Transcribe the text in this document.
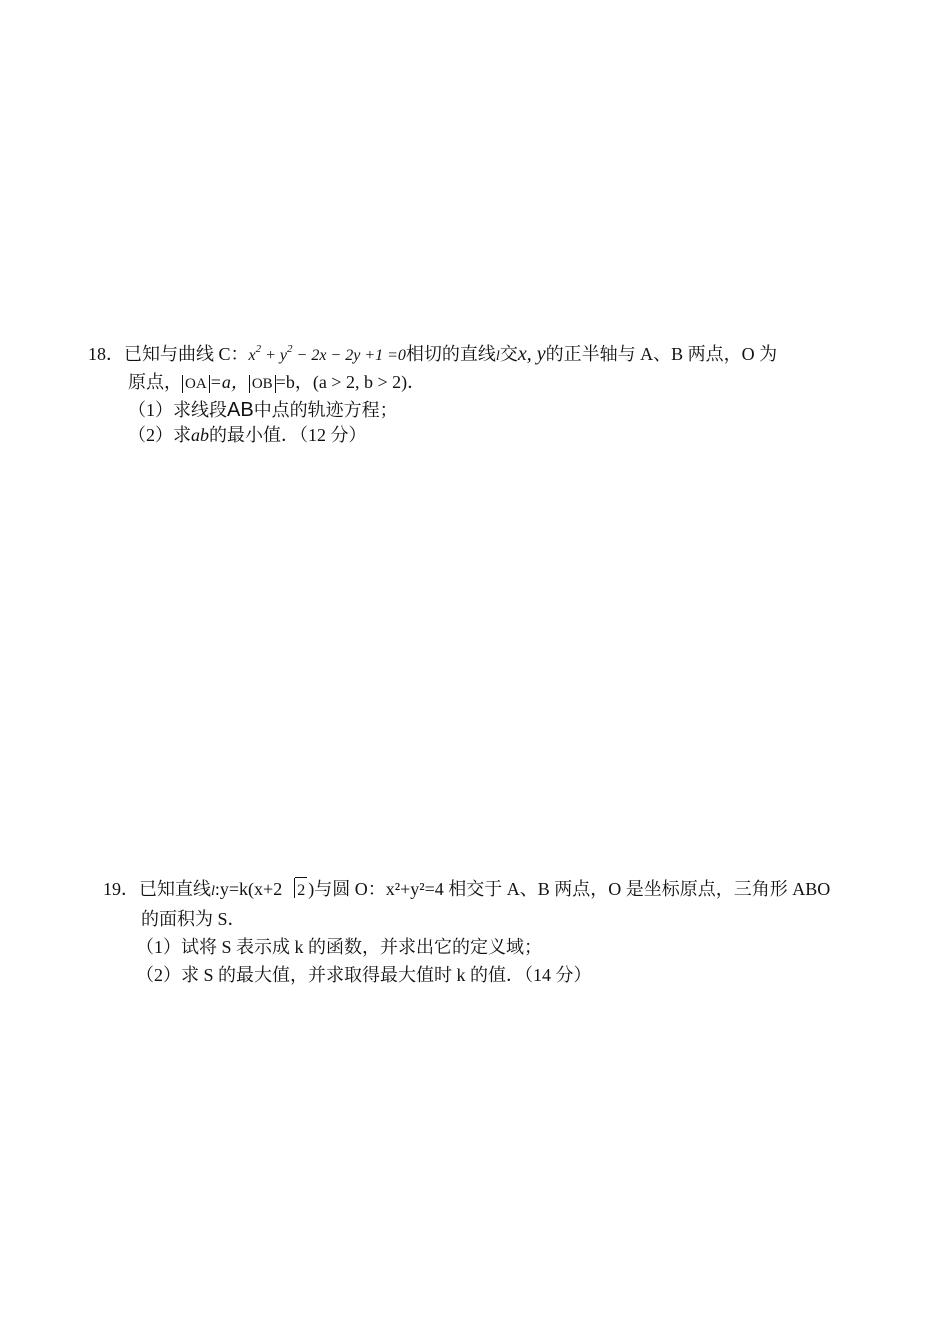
18．已知与曲线 C：$x^2 + y^2 - 2x - 2y +1 =0$相切的直线l交x, y的正半轴与 A、B 两点，O 为
原点， OA =a， OB =b，(a > 2, b > 2)．
（1）求线段AB中点的轨迹方程；
（2）求ab的最小值．（12 分）
19．已知直线l:y=k(x+2 2 )与圆 O：x²+y²=4 相交于 A、B 两点，O 是坐标原点，三角形 ABO
的面积为 S．
（1）试将 S 表示成 k 的函数，并求出它的定义域；
（2）求 S 的最大值，并求取得最大值时 k 的值．（14 分）
